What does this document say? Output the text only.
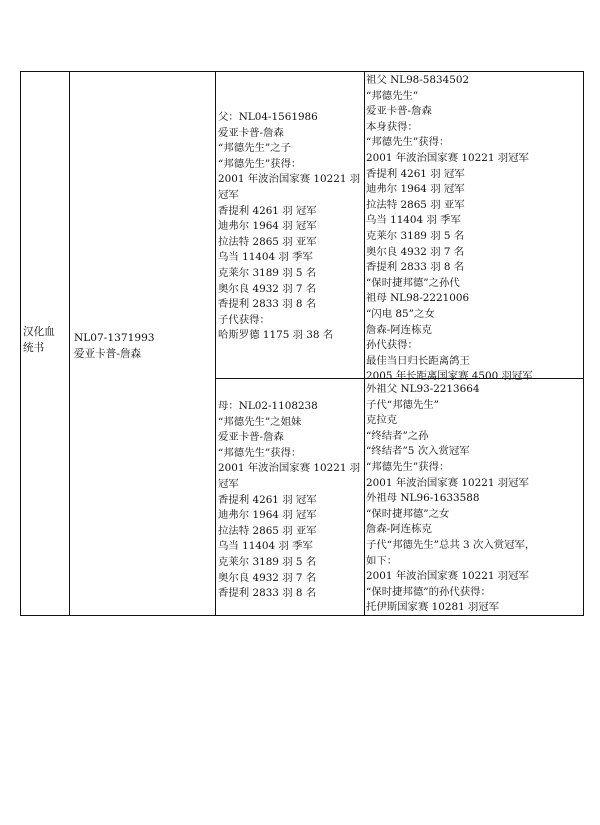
汉化血
统书
NL07-1371993
爱亚卡普-詹森
父：NL04-1561986
爱亚卡普-詹森
“邦德先生”之子
“邦德先生”获得：
2001 年波治国家赛 10221 羽
冠军
香提利 4261 羽 冠军
迪弗尔 1964 羽 冠军
拉法特 2865 羽 亚军
乌当 11404 羽 季军
克莱尔 3189 羽 5 名
奥尔良 4932 羽 7 名
香提利 2833 羽 8 名
子代获得：
哈斯罗德 1175 羽 38 名
母：NL02-1108238
“邦德先生”之姐妹
爱亚卡普-詹森
“邦德先生”获得：
2001 年波治国家赛 10221 羽
冠军
香提利 4261 羽 冠军
迪弗尔 1964 羽 冠军
拉法特 2865 羽 亚军
乌当 11404 羽 季军
克莱尔 3189 羽 5 名
奥尔良 4932 羽 7 名
香提利 2833 羽 8 名
祖父 NL98-5834502
“邦德先生”
爱亚卡普-詹森
本身获得：
“邦德先生”获得：
2001 年波治国家赛 10221 羽冠军
香提利 4261 羽 冠军
迪弗尔 1964 羽 冠军
拉法特 2865 羽 亚军
乌当 11404 羽 季军
克莱尔 3189 羽 5 名
奥尔良 4932 羽 7 名
香提利 2833 羽 8 名
“保时捷邦德”之孙代
祖母 NL98-2221006
“闪电 85”之女
詹森-阿连栋克
孙代获得：
最佳当日归长距离鸽王
2005 年长距离国家赛 4500 羽冠军
外祖父 NL93-2213664
子代“邦德先生”
克拉克
“终结者”之孙
“终结者”5 次入赏冠军
“邦德先生”获得：
2001 年波治国家赛 10221 羽冠军
外祖母 NL96-1633588
“保时捷邦德”之女
詹森-阿连栋克
子代“邦德先生”总共 3 次入赏冠军，
如下：
2001 年波治国家赛 10221 羽冠军
“保时捷邦德”的孙代获得：
托伊斯国家赛 10281 羽冠军
